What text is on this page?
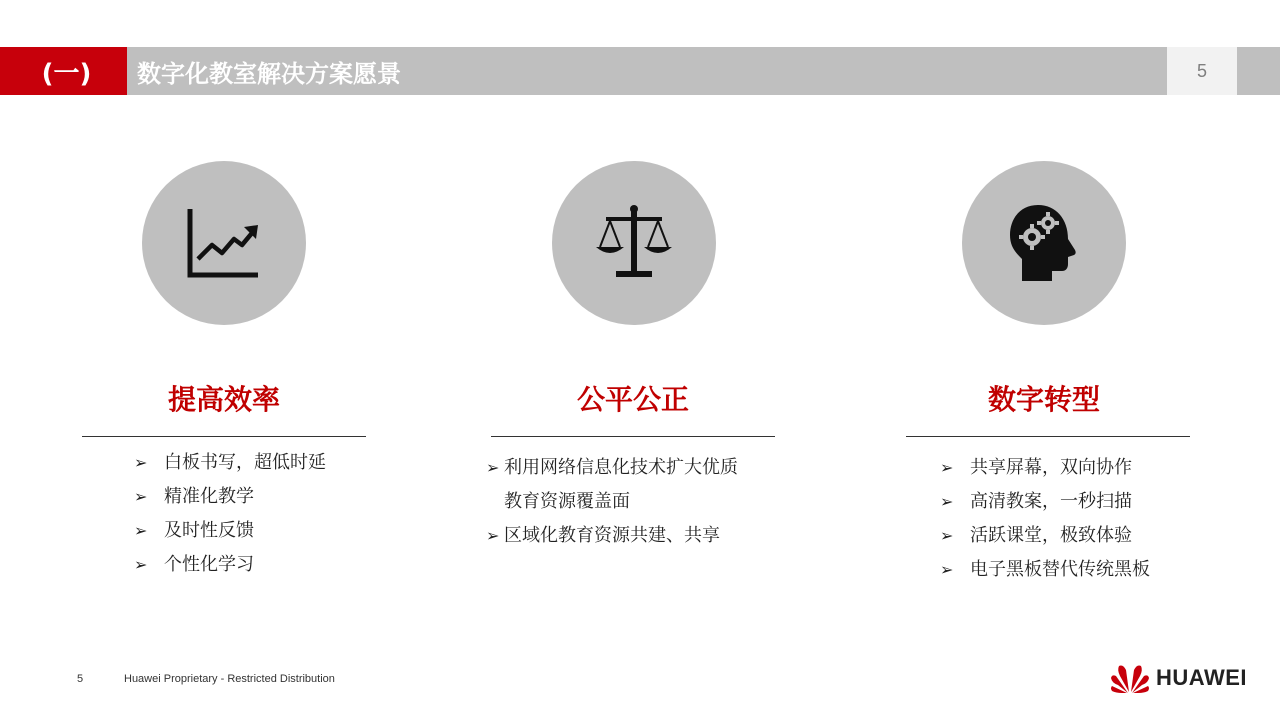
(一)	数字化教室解决方案愿景	5
提高效率
➢ 白板书写，超低时延
➢ 精准化教学
➢ 及时性反馈
➢ 个性化学习
公平公正
➢ 利用网络信息化技术扩大优质
教育资源覆盖面
➢ 区域化教育资源共建、共享
数字转型
➢ 共享屏幕，双向协作
➢ 高清教案，一秒扫描
➢ 活跃课堂，极致体验
➢ 电子黑板替代传统黑板
5	Huawei Proprietary - Restricted Distribution	HUAWEI
